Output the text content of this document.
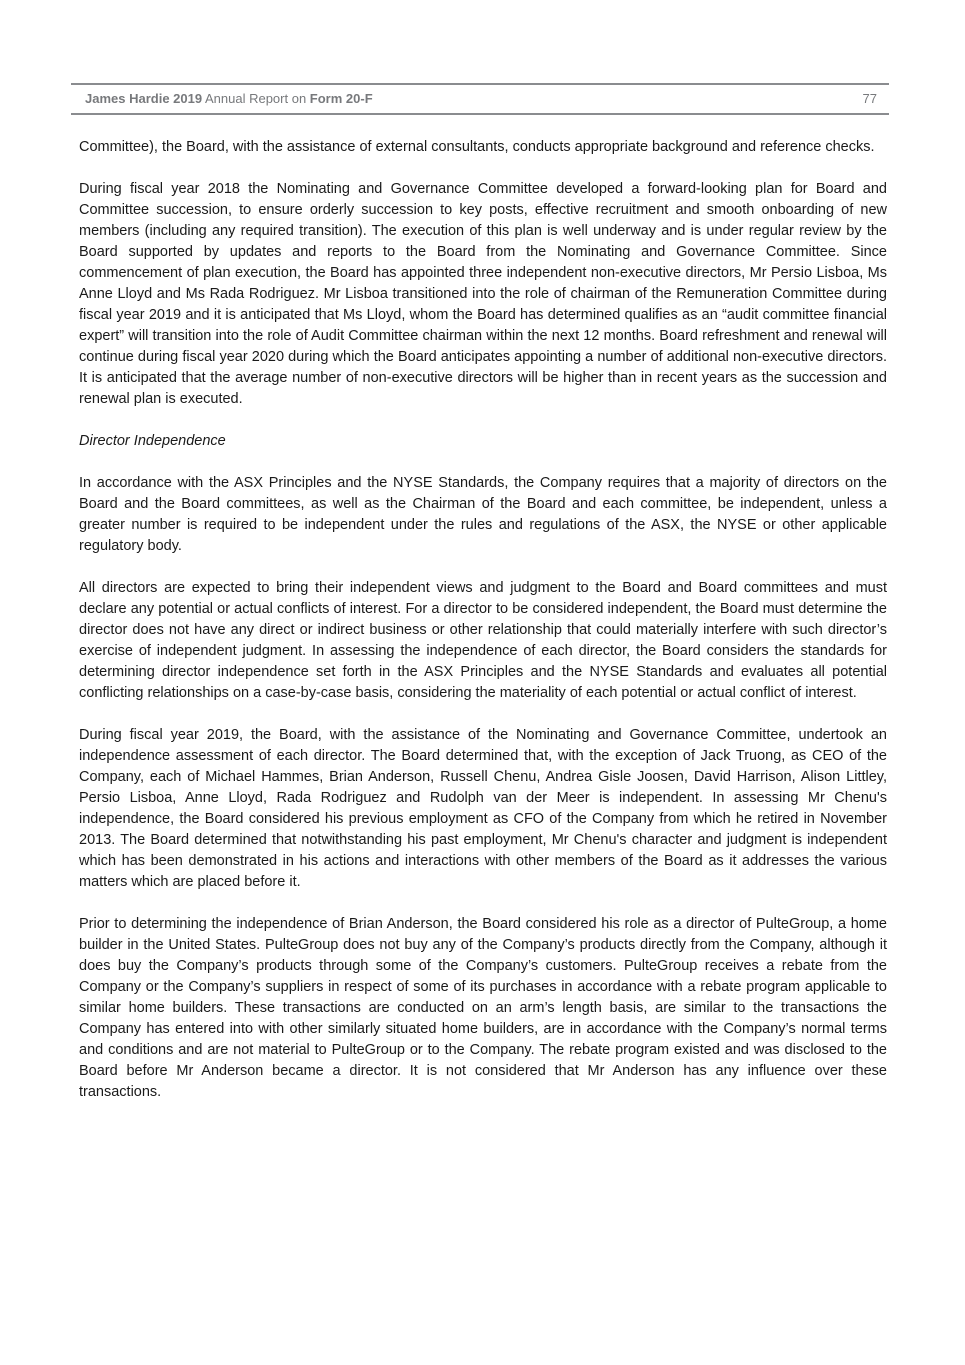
James Hardie 2019 Annual Report on Form 20-F	77

Committee), the Board, with the assistance of external consultants, conducts appropriate background and reference checks.

During fiscal year 2018 the Nominating and Governance Committee developed a forward-looking plan for Board and Committee succession, to ensure orderly succession to key posts, effective recruitment and smooth onboarding of new members (including any required transition). The execution of this plan is well underway and is under regular review by the Board supported by updates and reports to the Board from the Nominating and Governance Committee. Since commencement of plan execution, the Board has appointed three independent non-executive directors, Mr Persio Lisboa, Ms Anne Lloyd and Ms Rada Rodriguez. Mr Lisboa transitioned into the role of chairman of the Remuneration Committee during fiscal year 2019 and it is anticipated that Ms Lloyd, whom the Board has determined qualifies as an “audit committee financial expert” will transition into the role of Audit Committee chairman within the next 12 months. Board refreshment and renewal will continue during fiscal year 2020 during which the Board anticipates appointing a number of additional non-executive directors. It is anticipated that the average number of non-executive directors will be higher than in recent years as the succession and renewal plan is executed.

Director Independence

In accordance with the ASX Principles and the NYSE Standards, the Company requires that a majority of directors on the Board and the Board committees, as well as the Chairman of the Board and each committee, be independent, unless a greater number is required to be independent under the rules and regulations of the ASX, the NYSE or other applicable regulatory body.

All directors are expected to bring their independent views and judgment to the Board and Board committees and must declare any potential or actual conflicts of interest. For a director to be considered independent, the Board must determine the director does not have any direct or indirect business or other relationship that could materially interfere with such director’s exercise of independent judgment. In assessing the independence of each director, the Board considers the standards for determining director independence set forth in the ASX Principles and the NYSE Standards and evaluates all potential conflicting relationships on a case-by-case basis, considering the materiality of each potential or actual conflict of interest.

During fiscal year 2019, the Board, with the assistance of the Nominating and Governance Committee, undertook an independence assessment of each director. The Board determined that, with the exception of Jack Truong, as CEO of the Company, each of Michael Hammes, Brian Anderson, Russell Chenu, Andrea Gisle Joosen, David Harrison, Alison Littley, Persio Lisboa, Anne Lloyd, Rada Rodriguez and Rudolph van der Meer is independent. In assessing Mr Chenu's independence, the Board considered his previous employment as CFO of the Company from which he retired in November 2013. The Board determined that notwithstanding his past employment, Mr Chenu's character and judgment is independent which has been demonstrated in his actions and interactions with other members of the Board as it addresses the various matters which are placed before it.

Prior to determining the independence of Brian Anderson, the Board considered his role as a director of PulteGroup, a home builder in the United States. PulteGroup does not buy any of the Company’s products directly from the Company, although it does buy the Company’s products through some of the Company’s customers. PulteGroup receives a rebate from the Company or the Company’s suppliers in respect of some of its purchases in accordance with a rebate program applicable to similar home builders. These transactions are conducted on an arm’s length basis, are similar to the transactions the Company has entered into with other similarly situated home builders, are in accordance with the Company’s normal terms and conditions and are not material to PulteGroup or to the Company. The rebate program existed and was disclosed to the Board before Mr Anderson became a director. It is not considered that Mr Anderson has any influence over these transactions.
